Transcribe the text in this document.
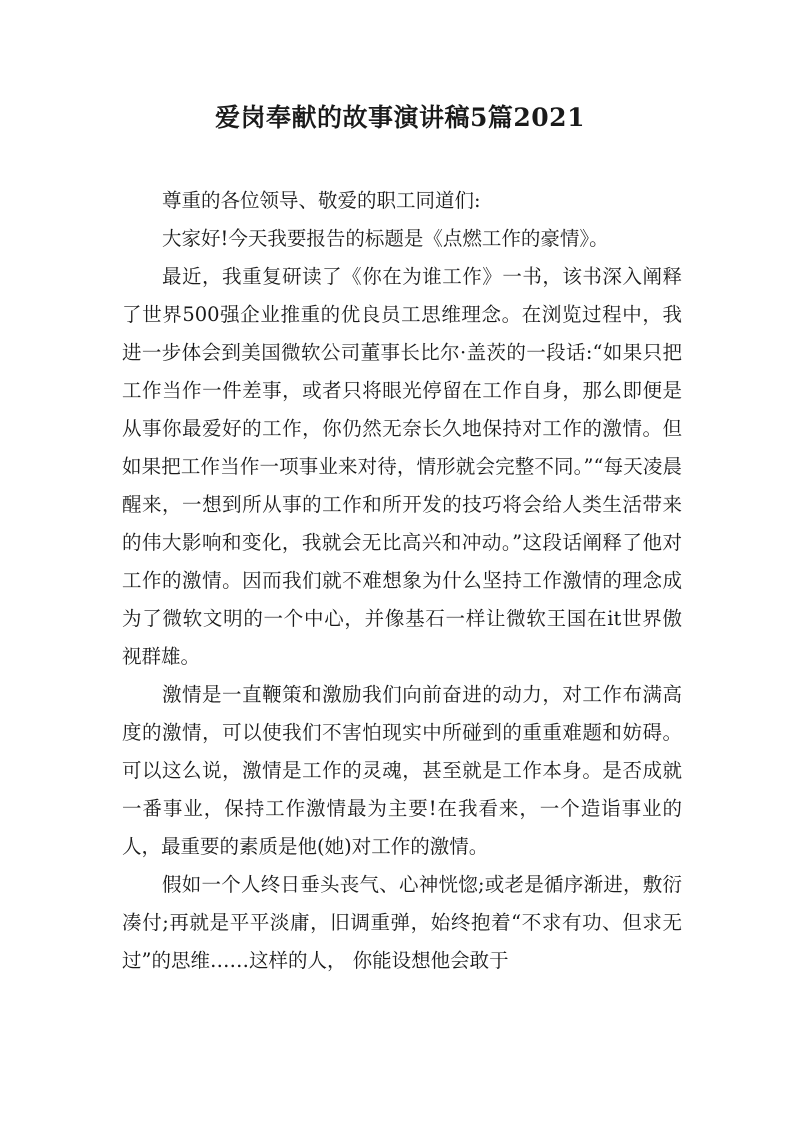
爱岗奉献的故事演讲稿5篇2021

尊重的各位领导、敬爱的职工同道们:

大家好!今天我要报告的标题是《点燃工作的豪情》。

最近，我重复研读了《你在为谁工作》一书，该书深入阐释了世界500强企业推重的优良员工思维理念。在浏览过程中，我进一步体会到美国微软公司董事长比尔·盖茨的一段话:“如果只把工作当作一件差事，或者只将眼光停留在工作自身，那么即便是从事你最爱好的工作，你仍然无奈长久地保持对工作的激情。但如果把工作当作一项事业来对待，情形就会完整不同。”“每天凌晨醒来，一想到所从事的工作和所开发的技巧将会给人类生活带来的伟大影响和变化，我就会无比高兴和冲动。”这段话阐释了他对工作的激情。因而我们就不难想象为什么坚持工作激情的理念成为了微软文明的一个中心，并像基石一样让微软王国在it世界傲视群雄。

激情是一直鞭策和激励我们向前奋进的动力，对工作布满高度的激情，可以使我们不害怕现实中所碰到的重重难题和妨碍。可以这么说，激情是工作的灵魂，甚至就是工作本身。是否成就一番事业，保持工作激情最为主要!在我看来，一个造诣事业的人，最重要的素质是他(她)对工作的激情。

假如一个人终日垂头丧气、心神恍惚;或老是循序渐进，敷衍凑付;再就是平平淡庸，旧调重弹，始终抱着“不求有功、但求无过”的思维……这样的人， 你能设想他会敢于
